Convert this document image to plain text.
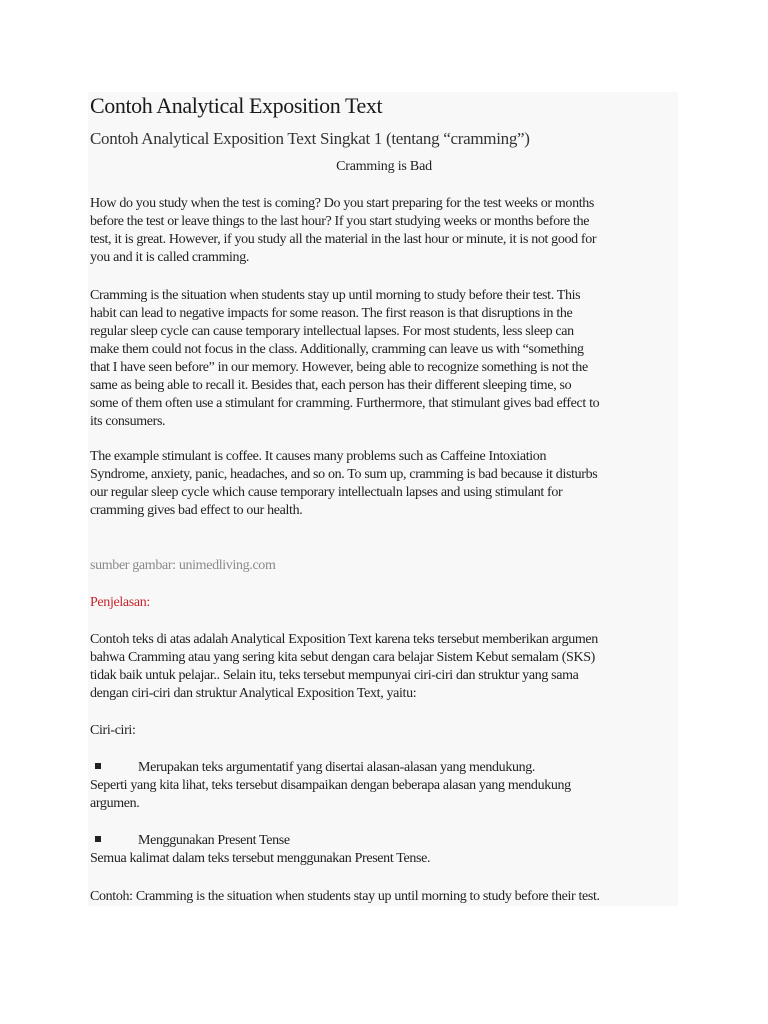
Contoh Analytical Exposition Text
Contoh Analytical Exposition Text Singkat 1 (tentang “cramming”)
Cramming is Bad
How do you study when the test is coming? Do you start preparing for the test weeks or months
before the test or leave things to the last hour? If you start studying weeks or months before the
test, it is great. However, if you study all the material in the last hour or minute, it is not good for
you and it is called cramming.
Cramming is the situation when students stay up until morning to study before their test. This
habit can lead to negative impacts for some reason. The first reason is that disruptions in the
regular sleep cycle can cause temporary intellectual lapses. For most students, less sleep can
make them could not focus in the class. Additionally, cramming can leave us with “something
that I have seen before” in our memory. However, being able to recognize something is not the
same as being able to recall it. Besides that, each person has their different sleeping time, so
some of them often use a stimulant for cramming. Furthermore, that stimulant gives bad effect to
its consumers.
The example stimulant is coffee. It causes many problems such as Caffeine Intoxiation
Syndrome, anxiety, panic, headaches, and so on. To sum up, cramming is bad because it disturbs
our regular sleep cycle which cause temporary intellectualn lapses and using stimulant for
cramming gives bad effect to our health.
sumber gambar: unimedliving.com
Penjelasan:
Contoh teks di atas adalah Analytical Exposition Text karena teks tersebut memberikan argumen
bahwa Cramming atau yang sering kita sebut dengan cara belajar Sistem Kebut semalam (SKS)
tidak baik untuk pelajar.. Selain itu, teks tersebut mempunyai ciri-ciri dan struktur yang sama
dengan ciri-ciri dan struktur Analytical Exposition Text, yaitu:
Ciri-ciri:
Merupakan teks argumentatif yang disertai alasan-alasan yang mendukung.
Seperti yang kita lihat, teks tersebut disampaikan dengan beberapa alasan yang mendukung
argumen.
Menggunakan Present Tense
Semua kalimat dalam teks tersebut menggunakan Present Tense.
Contoh: Cramming is the situation when students stay up until morning to study before their test.
